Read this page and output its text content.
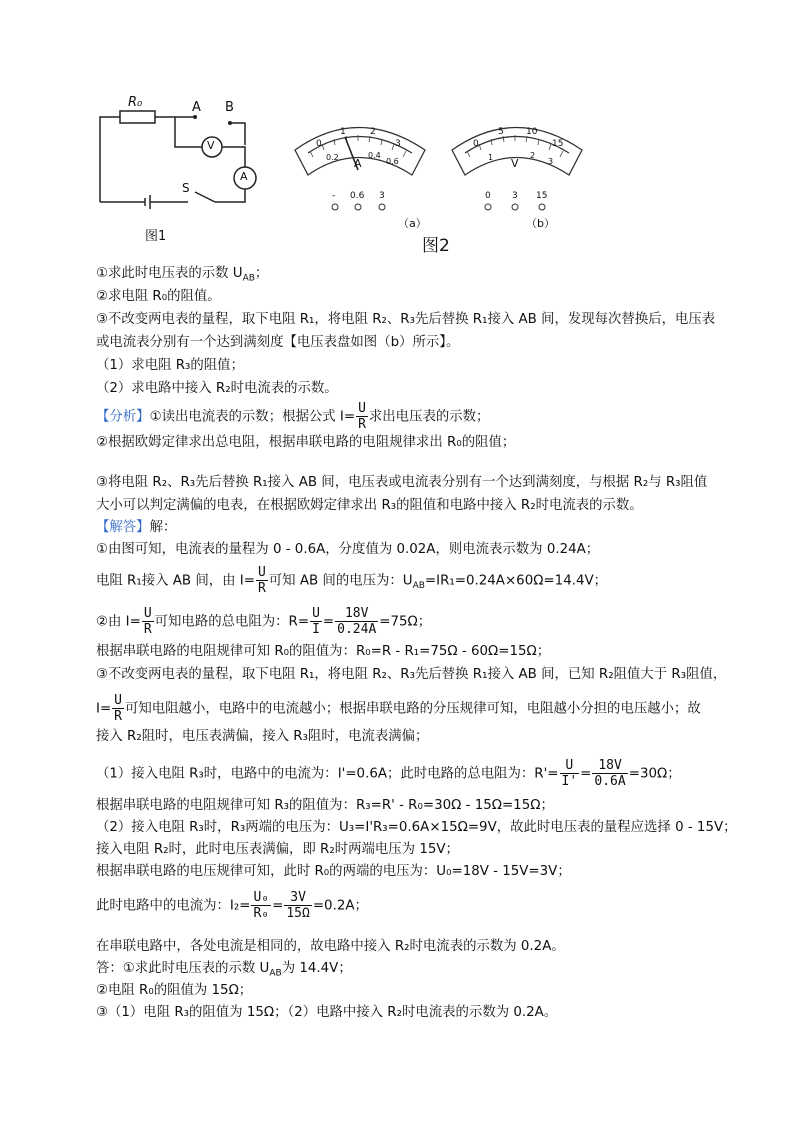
R₀	A B
V
A
S
图1	图2
0
1	2
3
0.2	0.4
0.6
A
- 0.6 3
（a）
0
5 10
15
1	2
3
V
0 3 15
（b）
①求此时电压表的示数 $U_{AB}$；
②求电阻 R₀的阻值。
③不改变两电表的量程，取下电阻 R₁，将电阻 R₂、R₃先后替换 R₁接入 AB 间，发现每次替换后，电压表
或电流表分别有一个达到满刻度【电压表盘如图（b）所示】。
（1）求电阻 R₃的阻值；
（2）求电路中接入 R₂时电流表的示数。
【分析】①读出电流表的示数；根据公式 $I= \frac{U}{R}$ 求出电压表的示数；
②根据欧姆定律求出总电阻，根据串联电路的电阻规律求出 R₀的阻值；
③将电阻 R₂、R₃先后替换 R₁接入 AB 间，电压表或电流表分别有一个达到满刻度，与根据 R₂与 R₃阻值
大小可以判定满偏的电表，在根据欧姆定律求出 R₃的阻值和电路中接入 R₂时电流表的示数。
【解答】解：
①由图可知，电流表的量程为 0 - 0.6A，分度值为 0.02A，则电流表示数为 0.24A；
电阻 R₁接入 AB 间，由 $I= \frac{U}{R}$ 可知 AB 间的电压为：$U_{AB}=IR_1=0.24A\times 60\Omega=14.4V$；
②由 $I= \frac{U}{R}$ 可知电路的总电阻为：$R= \frac{U}{I} = \frac{18V}{0.24A} =75\Omega$；
根据串联电路的电阻规律可知 R₀的阻值为：R₀=R - R₁=75Ω - 60Ω=15Ω；
③不改变两电表的量程，取下电阻 R₁，将电阻 R₂、R₃先后替换 R₁接入 AB 间，已知 R₂阻值大于 R₃阻值，
$I= \frac{U}{R}$ 可知电阻越小，电路中的电流越小；根据串联电路的分压规律可知，电阻越小分担的电压越小；故
接入 R₂阻时，电压表满偏，接入 R₃阻时，电流表满偏；
（1）接入电阻 R₃时，电路中的电流为：I'=0.6A；此时电路的总电阻为：$R'= \frac{U}{I'} = \frac{18V}{0.6A} =30\Omega$；
根据串联电路的电阻规律可知 R₃的阻值为：R₃=R' - R₀=30Ω - 15Ω=15Ω；
（2）接入电阻 R₃时，R₃两端的电压为：U₃=I'R₃=0.6A×15Ω=9V，故此时电压表的量程应选择 0 - 15V；
接入电阻 R₂时，此时电压表满偏，即 R₂时两端电压为 15V；
根据串联电路的电压规律可知，此时 R₀的两端的电压为：U₀=18V - 15V=3V；
此时电路中的电流为：$I_2= \frac{\text{U₀}}{\text{R₀}} = \frac{3V}{15\Omega} =0.2A$；
在串联电路中，各处电流是相同的，故电路中接入 R₂时电流表的示数为 0.2A。
答：①求此时电压表的示数 $U_{AB}$为 14.4V；
②电阻 R₀的阻值为 15Ω；
③（1）电阻 R₃的阻值为 15Ω；（2）电路中接入 R₂时电流表的示数为 0.2A。
